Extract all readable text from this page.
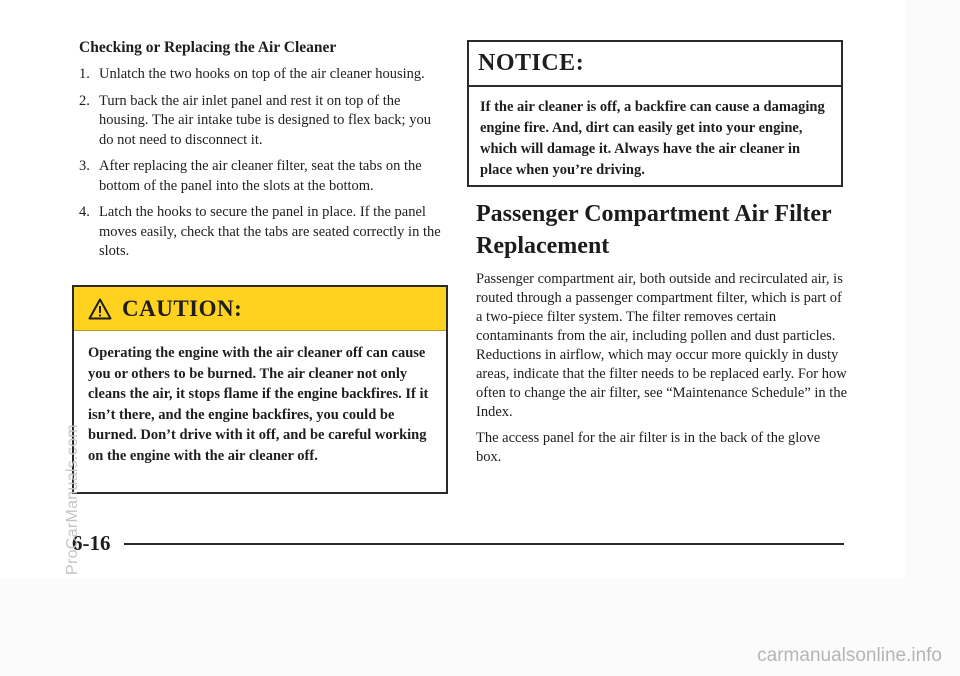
Checking or Replacing the Air Cleaner
1. Unlatch the two hooks on top of the air cleaner housing.
2. Turn back the air inlet panel and rest it on top of the housing. The air intake tube is designed to flex back; you do not need to disconnect it.
3. After replacing the air cleaner filter, seat the tabs on the bottom of the panel into the slots at the bottom.
4. Latch the hooks to secure the panel in place. If the panel moves easily, check that the tabs are seated correctly in the slots.
CAUTION:

Operating the engine with the air cleaner off can cause you or others to be burned. The air cleaner not only cleans the air, it stops flame if the engine backfires. If it isn’t there, and the engine backfires, you could be burned. Don’t drive with it off, and be careful working on the engine with the air cleaner off.

NOTICE:

If the air cleaner is off, a backfire can cause a damaging engine fire. And, dirt can easily get into your engine, which will damage it. Always have the air cleaner in place when you’re driving.

Passenger Compartment Air Filter Replacement

Passenger compartment air, both outside and recirculated air, is routed through a passenger compartment filter, which is part of a two-piece filter system. The filter removes certain contaminants from the air, including pollen and dust particles. Reductions in airflow, which may occur more quickly in dusty areas, indicate that the filter needs to be replaced early. For how often to change the air filter, see “Maintenance Schedule” in the Index.

The access panel for the air filter is in the back of the glove box.

6-16
ProCarManuals.com
carmanualsonline.info
